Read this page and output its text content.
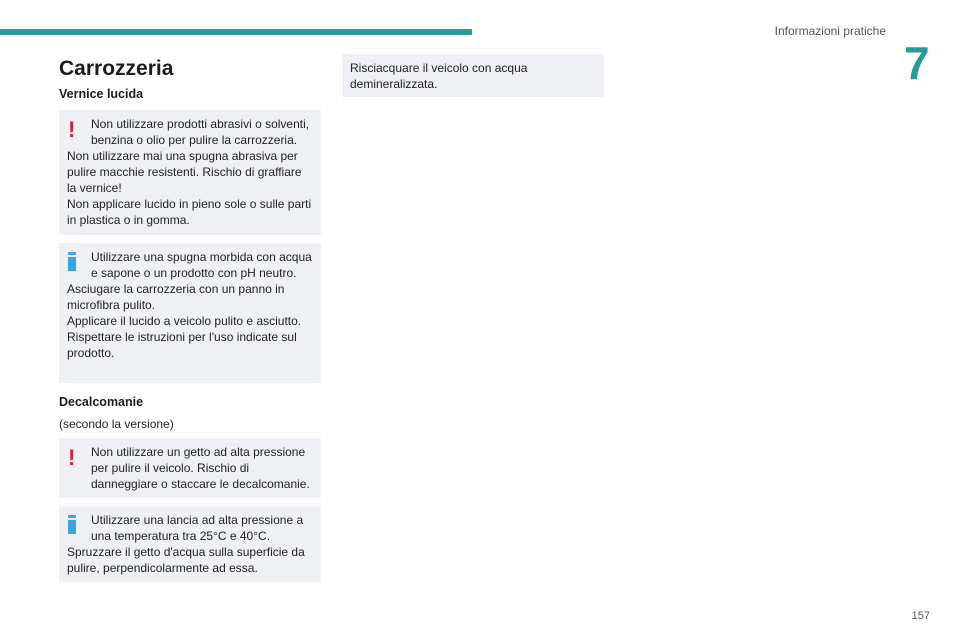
Informazioni pratiche
7
Carrozzeria
Vernice lucida
!	Non utilizzare prodotti abrasivi o solventi, benzina o olio per pulire la carrozzeria.
Non utilizzare mai una spugna abrasiva per pulire macchie resistenti. Rischio di graffiare la vernice!
Non applicare lucido in pieno sole o sulle parti in plastica o in gomma.
Utilizzare una spugna morbida con acqua e sapone o un prodotto con pH neutro.
Asciugare la carrozzeria con un panno in microfibra pulito.
Applicare il lucido a veicolo pulito e asciutto.
Rispettare le istruzioni per l'uso indicate sul prodotto.
Decalcomanie
(secondo la versione)
!	Non utilizzare un getto ad alta pressione per pulire il veicolo. Rischio di danneggiare o staccare le decalcomanie.
Utilizzare una lancia ad alta pressione a una temperatura tra 25°C e 40°C.
Spruzzare il getto d'acqua sulla superficie da pulire, perpendicolarmente ad essa.
Risciacquare il veicolo con acqua demineralizzata.
157
